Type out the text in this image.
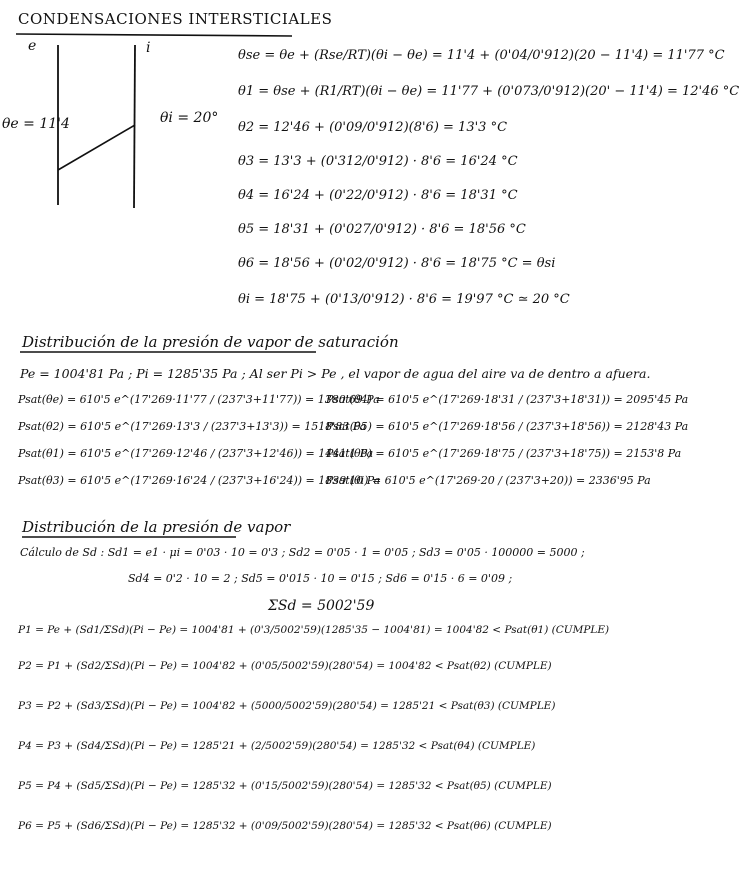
CONDENSACIONES INTERSTICIALES
e	i
θe = 11'4	θi = 20°
θse = θe + (Rse/RT)(θi − θe) = 11'4 + (0'04/0'912)(20 − 11'4) = 11'77 °C
θ1 = θse + (R1/RT)(θi − θe) = 11'77 + (0'073/0'912)(20' − 11'4) = 12'46 °C
θ2 = 12'46 + (0'09/0'912)(8'6) = 13'3 °C
θ3 = 13'3 + (0'312/0'912) · 8'6 = 16'24 °C
θ4 = 16'24 + (0'22/0'912) · 8'6 = 18'31 °C
θ5 = 18'31 + (0'027/0'912) · 8'6 = 18'56 °C
θ6 = 18'56 + (0'02/0'912) · 8'6 = 18'75 °C = θsi
θi = 18'75 + (0'13/0'912) · 8'6 = 19'97 °C ≃ 20 °C
Distribución de la presión de vapor de saturación
Pe = 1004'81 Pa ; Pi = 1285'35 Pa ; Al ser Pi > Pe , el vapor de agua del aire va de dentro a afuera.
Psat(θe) = 610'5 e^(17'269·11'77 / (237'3+11'77)) = 1380'69 Pa
Psat(θ2) = 610'5 e^(17'269·13'3 / (237'3+13'3)) = 1518'83 Pa
Psat(θ1) = 610'5 e^(17'269·12'46 / (237'3+12'46)) = 1441'1 Pa
Psat(θ3) = 610'5 e^(17'269·16'24 / (237'3+16'24)) = 1839'10 Pa
Psat(θ4) = 610'5 e^(17'269·18'31 / (237'3+18'31)) = 2095'45 Pa
Psat(θ5) = 610'5 e^(17'269·18'56 / (237'3+18'56)) = 2128'43 Pa
Psat(θ6) = 610'5 e^(17'269·18'75 / (237'3+18'75)) = 2153'8 Pa
Psat(θi) = 610'5 e^(17'269·20 / (237'3+20)) = 2336'95 Pa
Distribución de la presión de vapor
Cálculo de Sd : Sd1 = e1 · μi = 0'03 · 10 = 0'3 ; Sd2 = 0'05 · 1 = 0'05 ; Sd3 = 0'05 · 100000 = 5000 ;
Sd4 = 0'2 · 10 = 2 ; Sd5 = 0'015 · 10 = 0'15 ; Sd6 = 0'15 · 6 = 0'09 ;
ΣSd = 5002'59
P1 = Pe + (Sd1/ΣSd)(Pi − Pe) = 1004'81 + (0'3/5002'59)(1285'35 − 1004'81) = 1004'82 < Psat(θ1) (CUMPLE)
P2 = P1 + (Sd2/ΣSd)(Pi − Pe) = 1004'82 + (0'05/5002'59)(280'54) = 1004'82 < Psat(θ2) (CUMPLE)
P3 = P2 + (Sd3/ΣSd)(Pi − Pe) = 1004'82 + (5000/5002'59)(280'54) = 1285'21 < Psat(θ3) (CUMPLE)
P4 = P3 + (Sd4/ΣSd)(Pi − Pe) = 1285'21 + (2/5002'59)(280'54) = 1285'32 < Psat(θ4) (CUMPLE)
P5 = P4 + (Sd5/ΣSd)(Pi − Pe) = 1285'32 + (0'15/5002'59)(280'54) = 1285'32 < Psat(θ5) (CUMPLE)
P6 = P5 + (Sd6/ΣSd)(Pi − Pe) = 1285'32 + (0'09/5002'59)(280'54) = 1285'32 < Psat(θ6) (CUMPLE)
